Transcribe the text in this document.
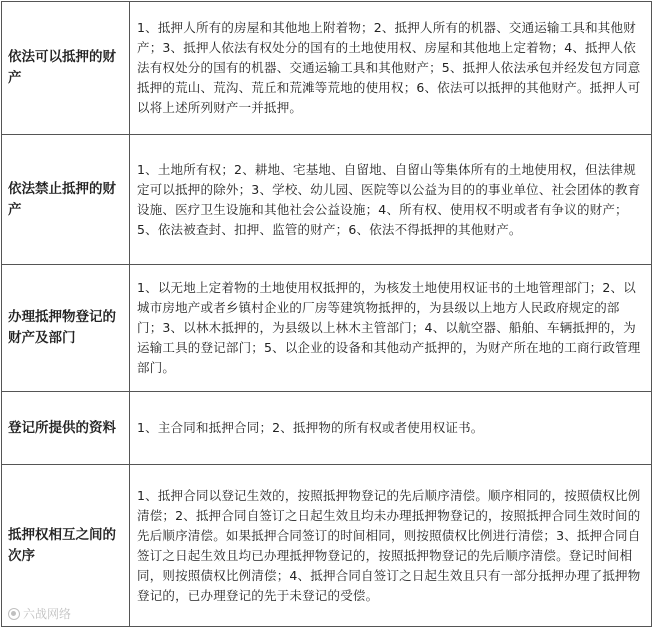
依法可以抵押的财产	1、抵押人所有的房屋和其他地上附着物；2、抵押人所有的机器、交通运输工具和其他财产；3、抵押人依法有权处分的国有的土地使用权、房屋和其他地上定着物；4、抵押人依法有权处分的国有的机器、交通运输工具和其他财产；5、抵押人依法承包并经发包方同意抵押的荒山、荒沟、荒丘和荒滩等荒地的使用权；6、依法可以抵押的其他财产。抵押人可以将上述所列财产一并抵押。
依法禁止抵押的财产	1、土地所有权；2、耕地、宅基地、自留地、自留山等集体所有的土地使用权，但法律规定可以抵押的除外；3、学校、幼儿园、医院等以公益为目的的事业单位、社会团体的教育设施、医疗卫生设施和其他社会公益设施；4、所有权、使用权不明或者有争议的财产；5、依法被查封、扣押、监管的财产；6、依法不得抵押的其他财产。
办理抵押物登记的财产及部门	1、以无地上定着物的土地使用权抵押的，为核发土地使用权证书的土地管理部门；2、以城市房地产或者乡镇村企业的厂房等建筑物抵押的，为县级以上地方人民政府规定的部门；3、以林木抵押的，为县级以上林木主管部门；4、以航空器、船舶、车辆抵押的，为运输工具的登记部门；5、以企业的设备和其他动产抵押的，为财产所在地的工商行政管理部门。
登记所提供的资料	1、主合同和抵押合同；2、抵押物的所有权或者使用权证书。
抵押权相互之间的次序	1、抵押合同以登记生效的，按照抵押物登记的先后顺序清偿。顺序相同的，按照债权比例清偿；2、抵押合同自签订之日起生效且均未办理抵押物登记的，按照抵押合同生效时间的先后顺序清偿。如果抵押合同签订的时间相同，则按照债权比例进行清偿；3、抵押合同自签订之日起生效且均已办理抵押物登记的，按照抵押物登记的先后顺序清偿。登记时间相同，则按照债权比例清偿；4、抵押合同自签订之日起生效且只有一部分抵押办理了抵押物登记的，已办理登记的先于未登记的受偿。
六战网络
